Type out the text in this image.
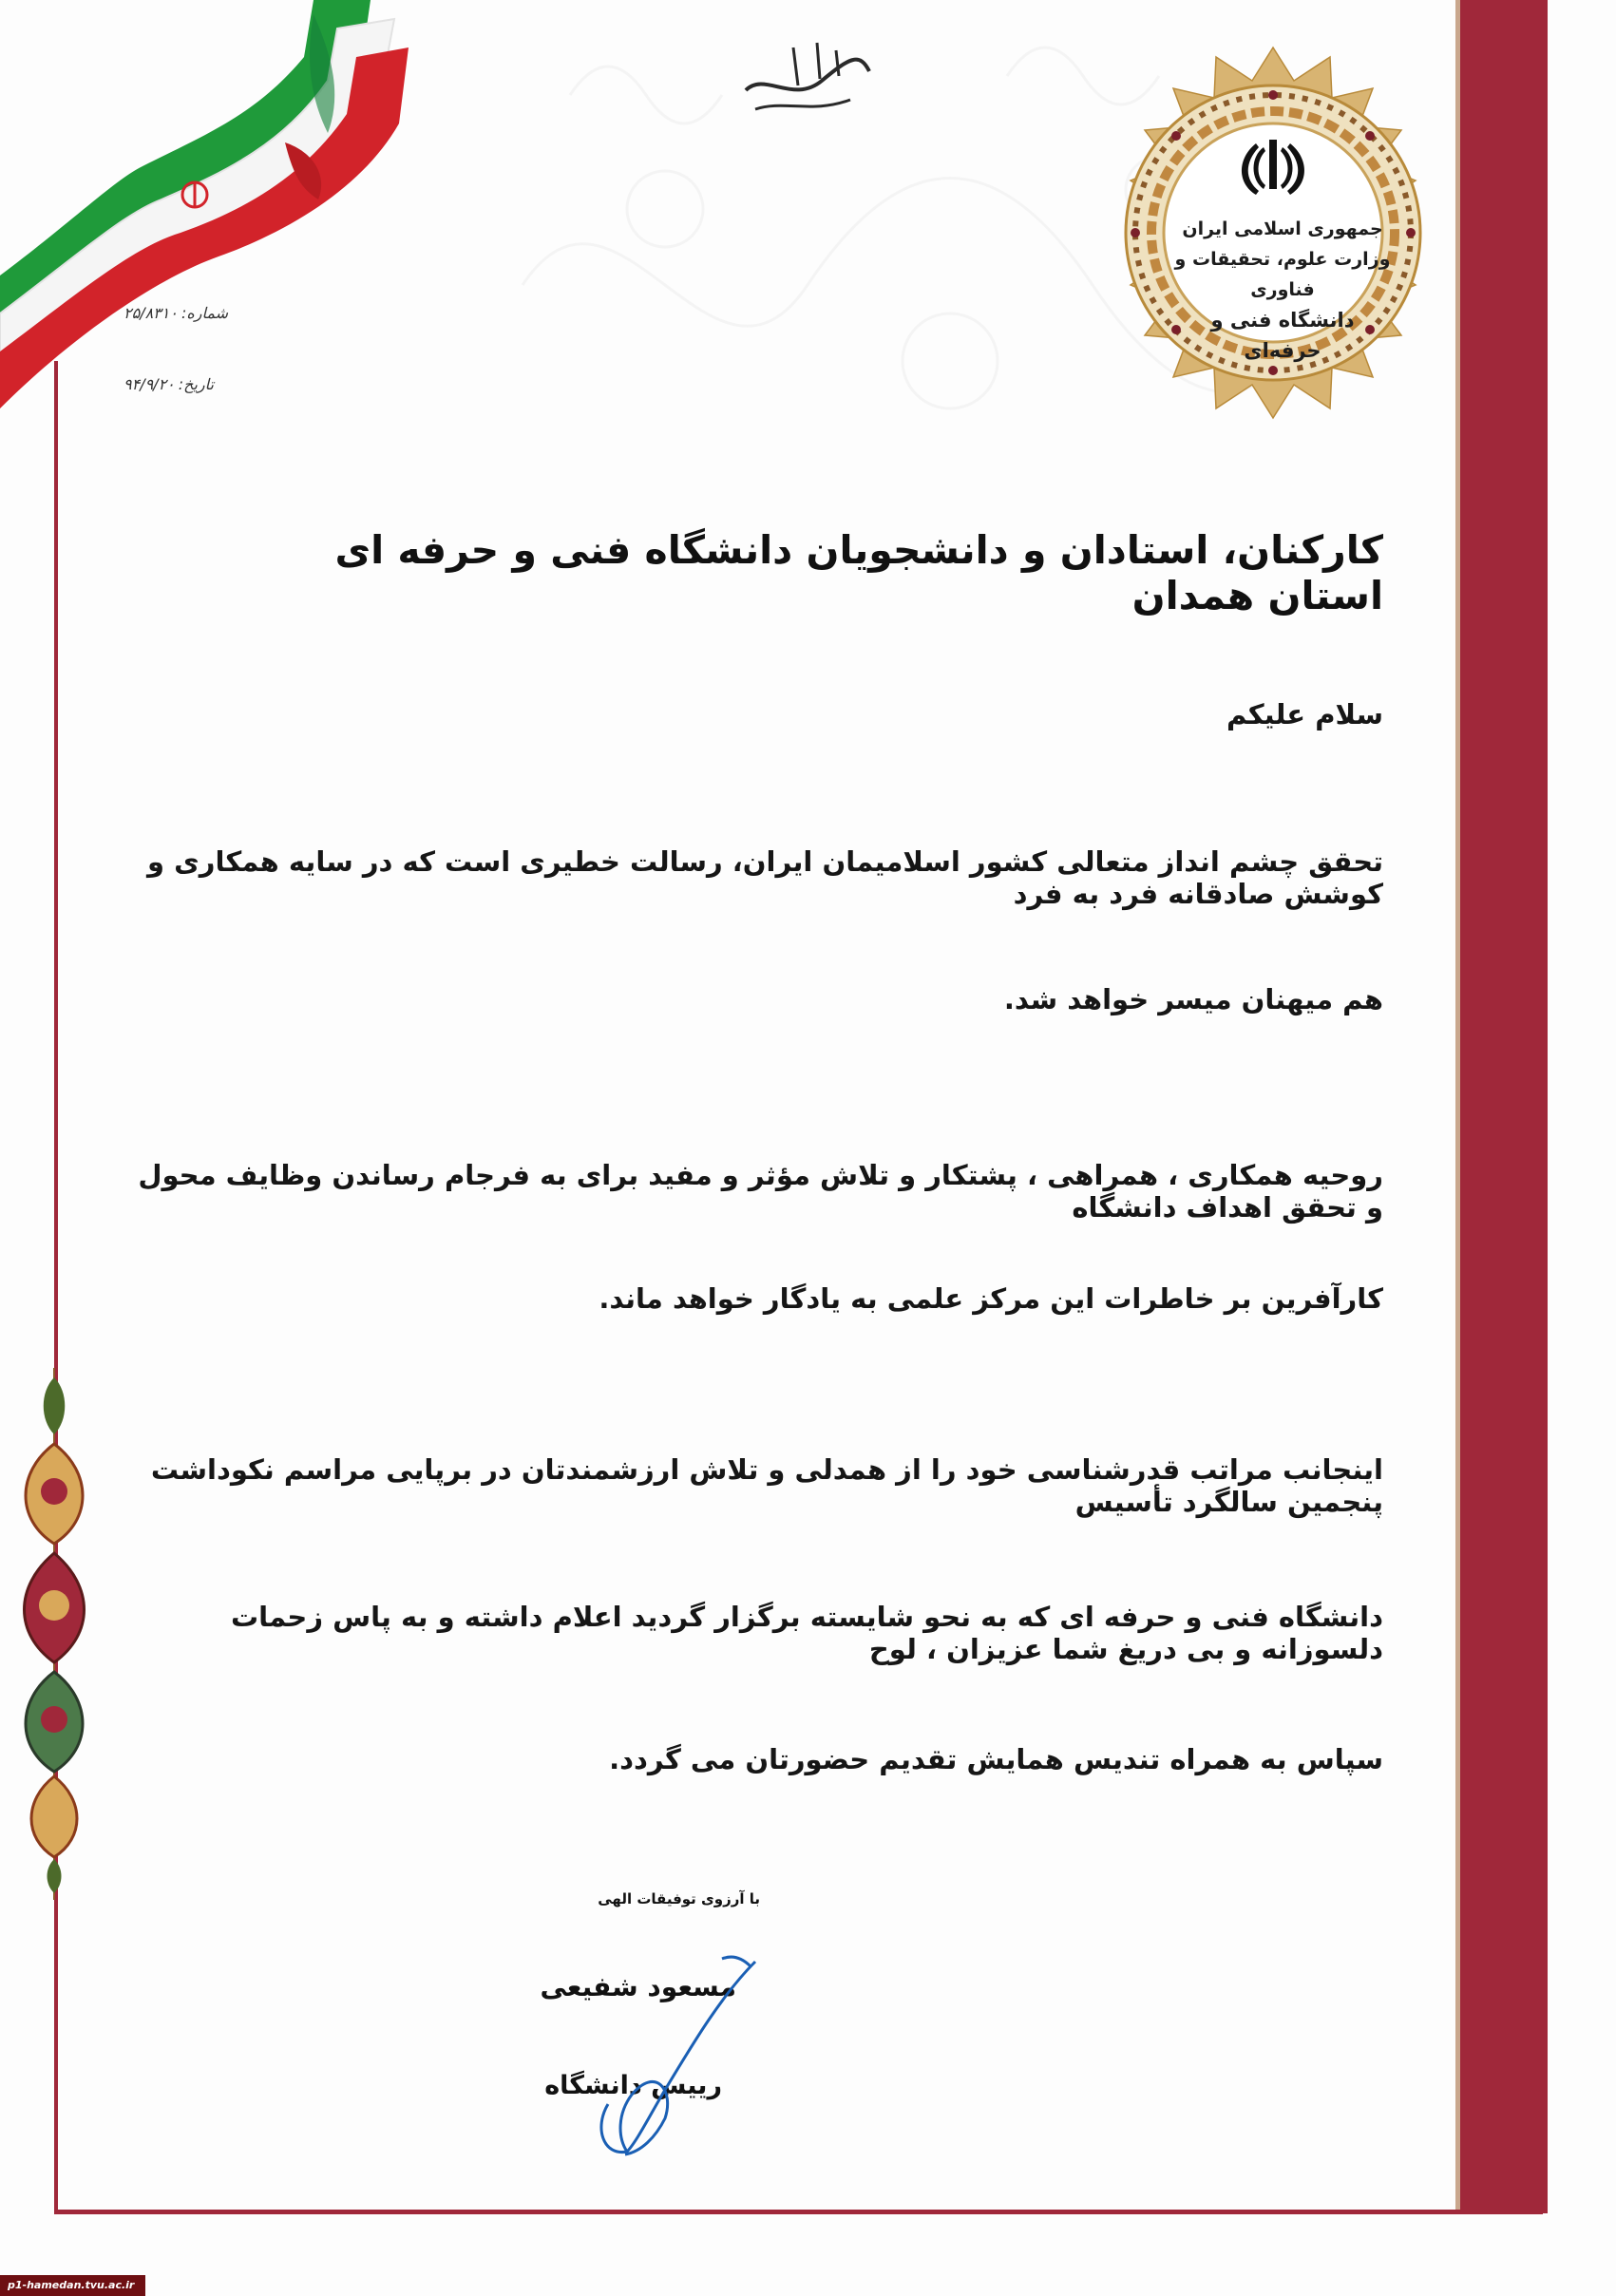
جمهوری اسلامی ایران
وزارت علوم، تحقیقات و فناوری
دانشگاه فنی و حرفه‌ای
شماره:۲۵/۸۳۱۰
تاریخ:۹۴/۹/۲۰
کارکنان، استادان و دانشجویان دانشگاه فنی و حرفه ای استان همدان
سلام علیکم
تحقق چشم انداز متعالی کشور اسلامیمان ایران، رسالت خطیری است که در سایه همکاری و کوشش صادقانه فرد به فرد
هم میهنان میسر خواهد شد.
روحیه همکاری ، همراهی ، پشتکار و تلاش مؤثر و مفید برای به فرجام رساندن وظایف محول و تحقق اهداف دانشگاه
کارآفرین بر خاطرات این مرکز علمی به یادگار خواهد ماند.
اینجانب مراتب قدرشناسی خود را از همدلی و تلاش ارزشمندتان در برپایی مراسم نکوداشت پنجمین سالگرد تأسیس
دانشگاه فنی و حرفه ای که به نحو شایسته برگزار گردید اعلام داشته و به پاس زحمات دلسوزانه و بی دریغ شما عزیزان ، لوح
سپاس به همراه تندیس همایش تقدیم حضورتان می گردد.
با آرزوی توفیقات الهی
مسعود شفیعی
رییس دانشگاه
p1-hamedan.tvu.ac.ir
